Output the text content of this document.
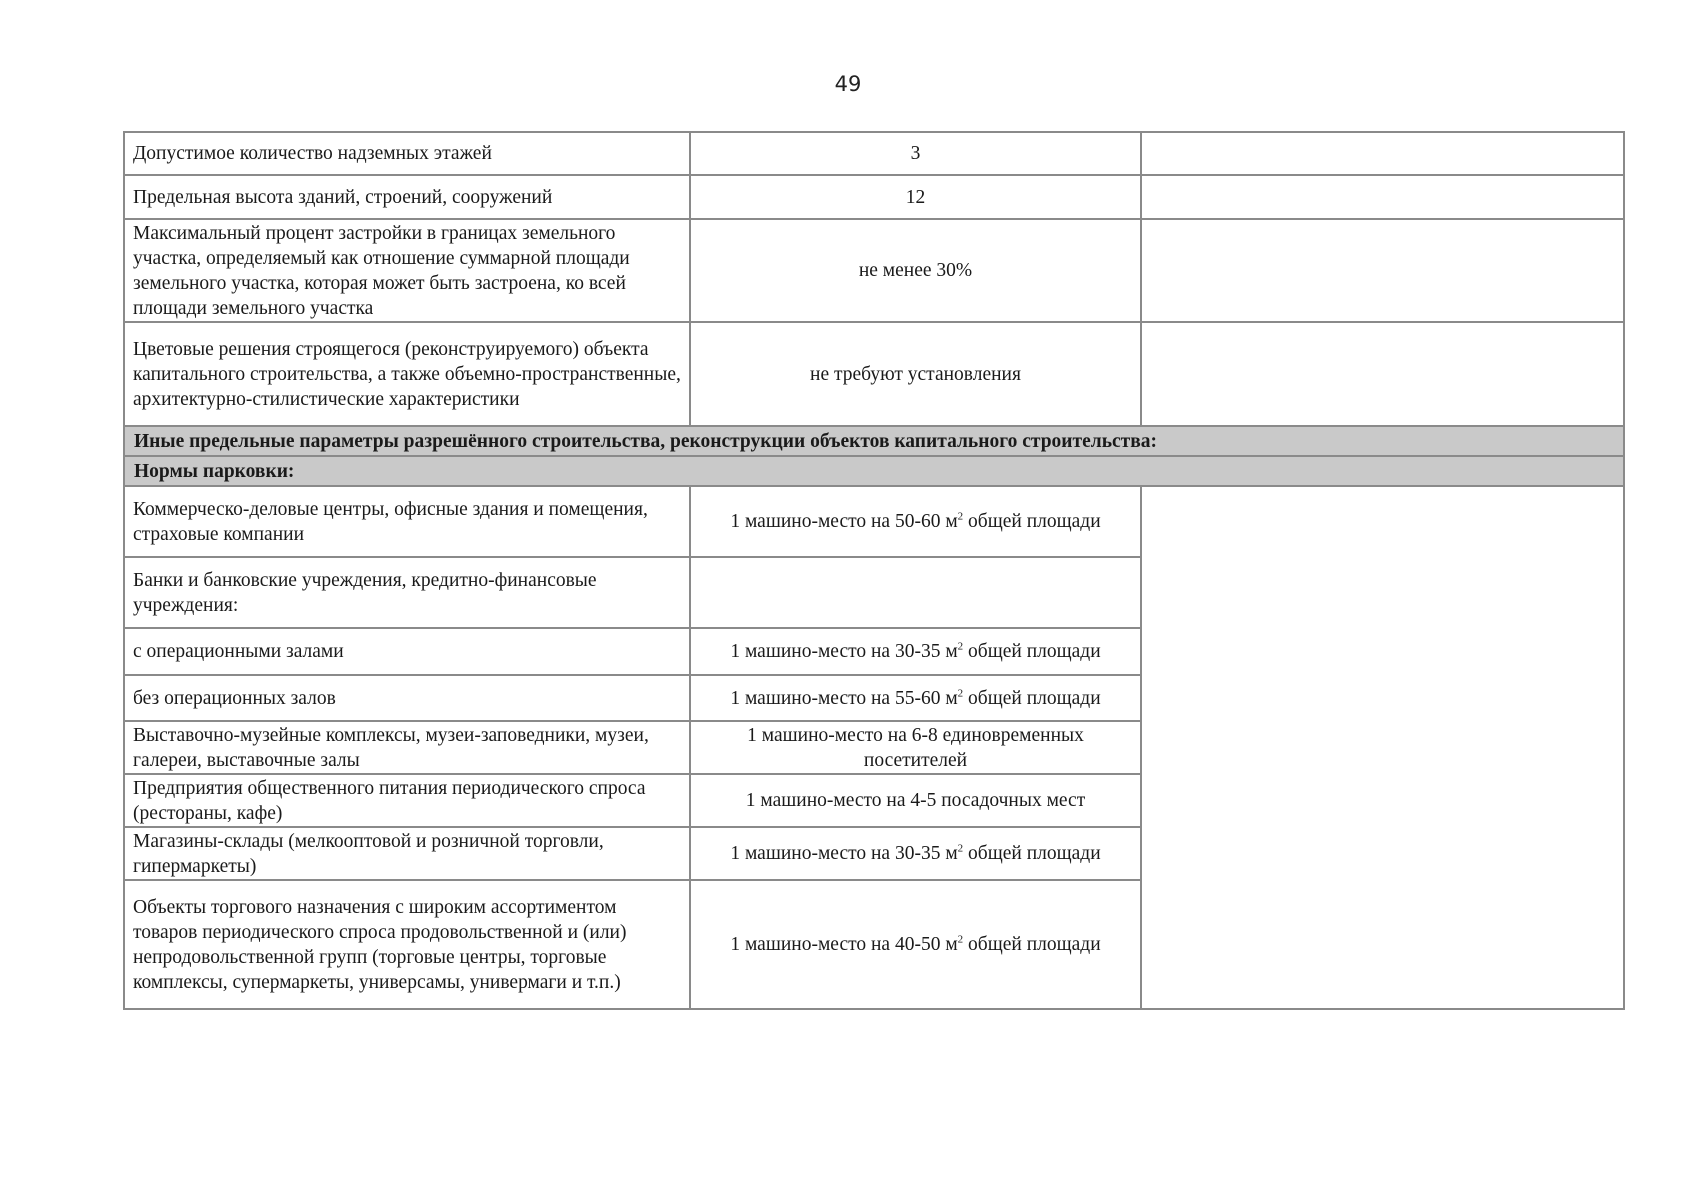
49
Допустимое количество надземных этажей	3	
Предельная высота зданий, строений, сооружений	12	
Максимальный процент застройки в границах земельного участка, определяемый как отношение суммарной площади земельного участка, которая может быть застроена, ко всей площади земельного участка	не менее 30%	
Цветовые решения строящегося (реконструируемого) объекта капитального строительства, а также объемно-пространственные, архитектурно-стилистические характеристики	не требуют установления	
Иные предельные параметры разрешённого строительства, реконструкции объектов капитального строительства:		
Нормы парковки:		
Коммерческо-деловые центры, офисные здания и помещения, страховые компании	1 машино-место на 50-60 $м^2$ общей площади	
Банки и банковские учреждения, кредитно-финансовые учреждения:		
с операционными залами	1 машино-место на 30-35 $м^2$ общей площади	
без операционных залов	1 машино-место на 55-60 $м^2$ общей площади	
Выставочно-музейные комплексы, музеи-заповедники, музеи, галереи, выставочные залы	1 машино-место на 6-8 единовременных посетителей	
Предприятия общественного питания периодического спроса (рестораны, кафе)	1 машино-место на 4-5 посадочных мест	
Магазины-склады (мелкооптовой и розничной торговли, гипермаркеты)	1 машино-место на 30-35 $м^2$ общей площади	
Объекты торгового назначения с широким ассортиментом товаров периодического спроса продовольственной и (или) непродовольственной групп (торговые центры, торговые комплексы, супермаркеты, универсамы, универмаги и т.п.)	1 машино-место на 40-50 $м^2$ общей площади	
